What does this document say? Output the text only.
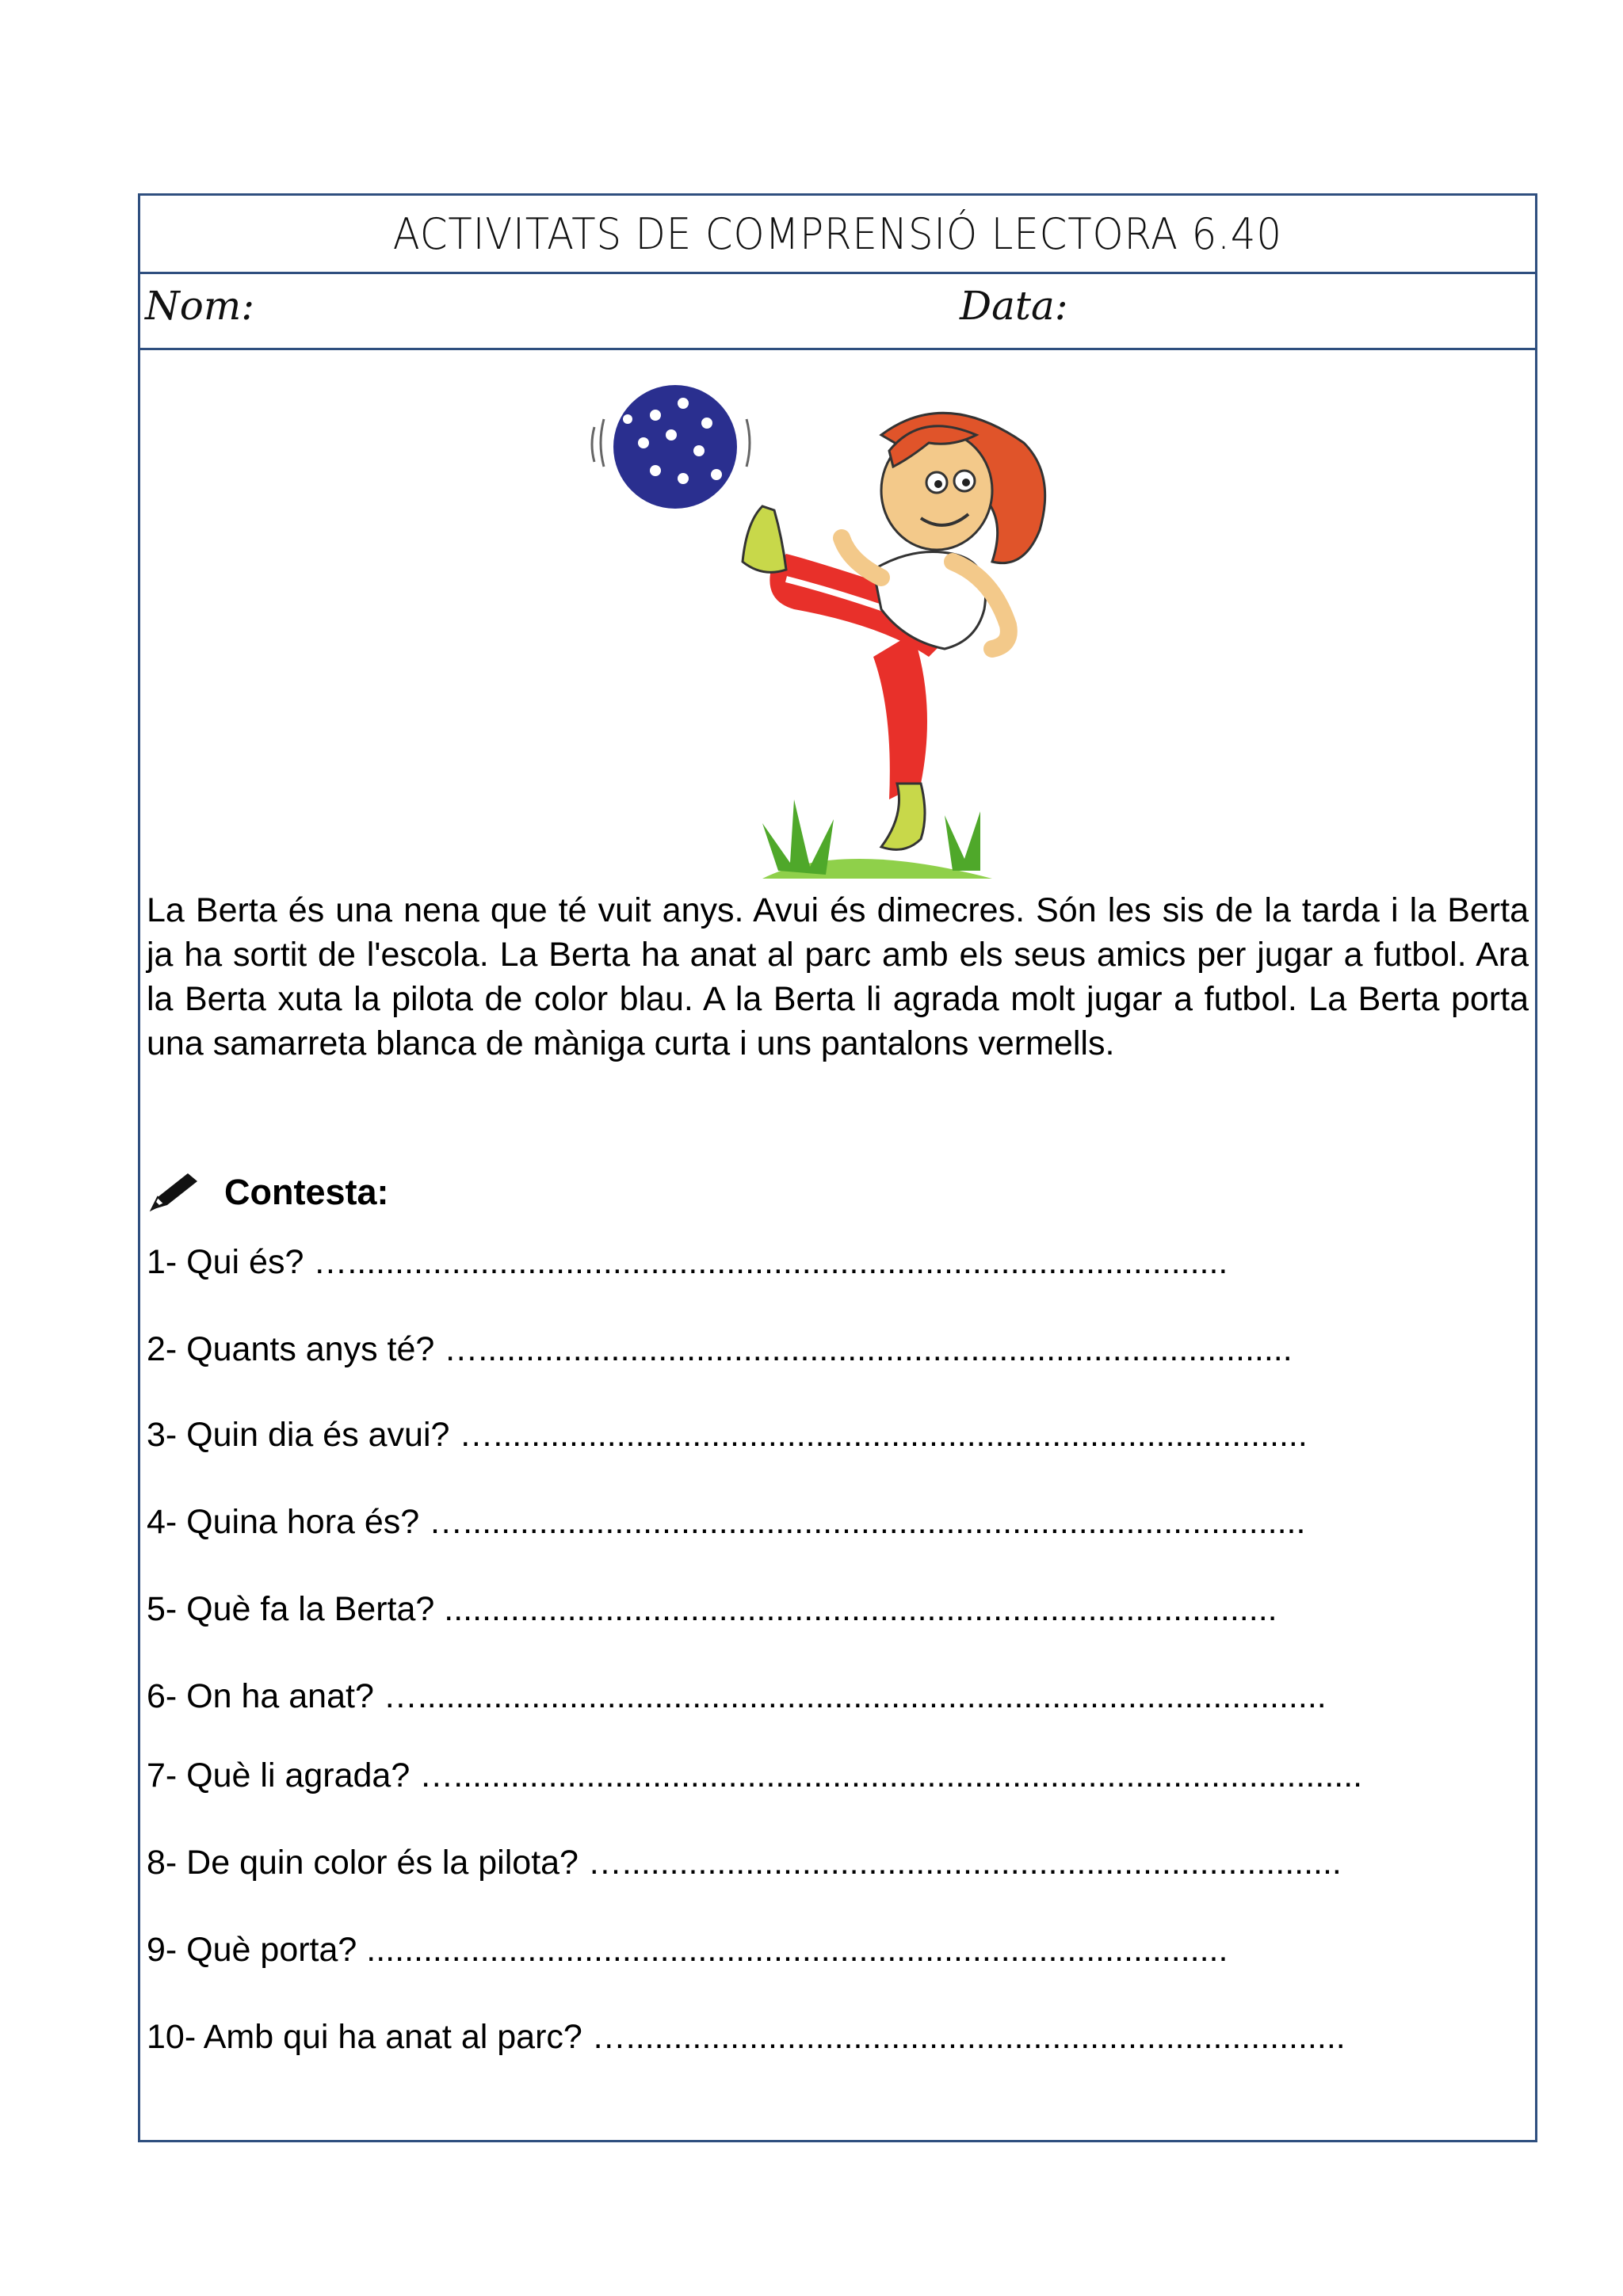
ACTIVITATS DE COMPRENSIÓ LECTORA 6.40
Nom:	Data:
La Berta és una nena que té vuit anys. Avui és dimecres. Són les sis de la tarda i la Berta ja ha sortit de l'escola. La Berta ha anat al parc amb els seus amics per jugar a futbol. Ara la Berta xuta la pilota de color blau. A la Berta li agrada molt jugar a futbol. La Berta porta una samarreta blanca de màniga curta i uns pantalons vermells.
Contesta:
1- Qui és? ….............................................................................................
2- Quants anys té? …......................................................................................
3- Quin dia és avui? …......................................................................................
4- Quina hora és? ….........................................................................................
5- Què fa la Berta? ........................................................................................
6- On ha anat? …................................................................................................
7- Què li agrada? …................................................................................................
8- De quin color és la pilota? …............................................................................
9- Què porta? ...........................................................................................
10- Amb qui ha anat al parc? …............................................................................
